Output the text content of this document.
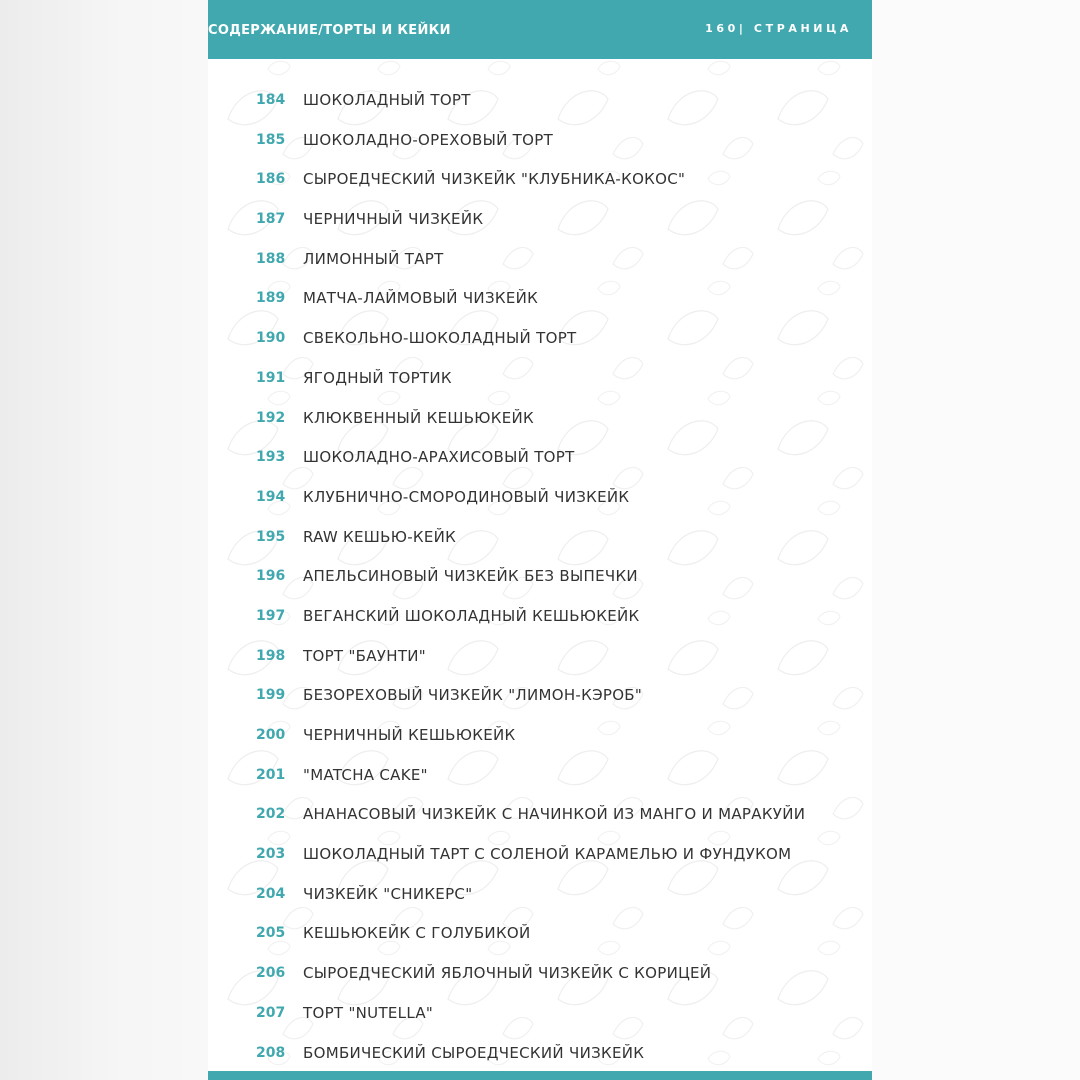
СОДЕРЖАНИЕ/ТОРТЫ И КЕЙКИ	160| СТРАНИЦА
184	ШОКОЛАДНЫЙ ТОРТ
185	ШОКОЛАДНО-ОРЕХОВЫЙ ТОРТ
186	СЫРОЕДЧЕСКИЙ ЧИЗКЕЙК "КЛУБНИКА-КОКОС"
187	ЧЕРНИЧНЫЙ ЧИЗКЕЙК
188	ЛИМОННЫЙ ТАРТ
189	МАТЧА-ЛАЙМОВЫЙ ЧИЗКЕЙК
190	СВЕКОЛЬНО-ШОКОЛАДНЫЙ ТОРТ
191	ЯГОДНЫЙ ТОРТИК
192	КЛЮКВЕННЫЙ КЕШЬЮКЕЙК
193	ШОКОЛАДНО-АРАХИСОВЫЙ ТОРТ
194	КЛУБНИЧНО-СМОРОДИНОВЫЙ ЧИЗКЕЙК
195	RAW КЕШЬЮ-КЕЙК
196	АПЕЛЬСИНОВЫЙ ЧИЗКЕЙК БЕЗ ВЫПЕЧКИ
197	ВЕГАНСКИЙ ШОКОЛАДНЫЙ КЕШЬЮКЕЙК
198	ТОРТ "БАУНТИ"
199	БЕЗОРЕХОВЫЙ ЧИЗКЕЙК "ЛИМОН-КЭРОБ"
200	ЧЕРНИЧНЫЙ КЕШЬЮКЕЙК
201	"MATCHA CAKE"
202	АНАНАСОВЫЙ ЧИЗКЕЙК С НАЧИНКОЙ ИЗ МАНГО И МАРАКУЙИ
203	ШОКОЛАДНЫЙ ТАРТ С СОЛЕНОЙ КАРАМЕЛЬЮ И ФУНДУКОМ
204	ЧИЗКЕЙК "СНИКЕРС"
205	КЕШЬЮКЕЙК С ГОЛУБИКОЙ
206	СЫРОЕДЧЕСКИЙ ЯБЛОЧНЫЙ ЧИЗКЕЙК С КОРИЦЕЙ
207	ТОРТ "NUTELLA"
208	БОМБИЧЕСКИЙ СЫРОЕДЧЕСКИЙ ЧИЗКЕЙК
